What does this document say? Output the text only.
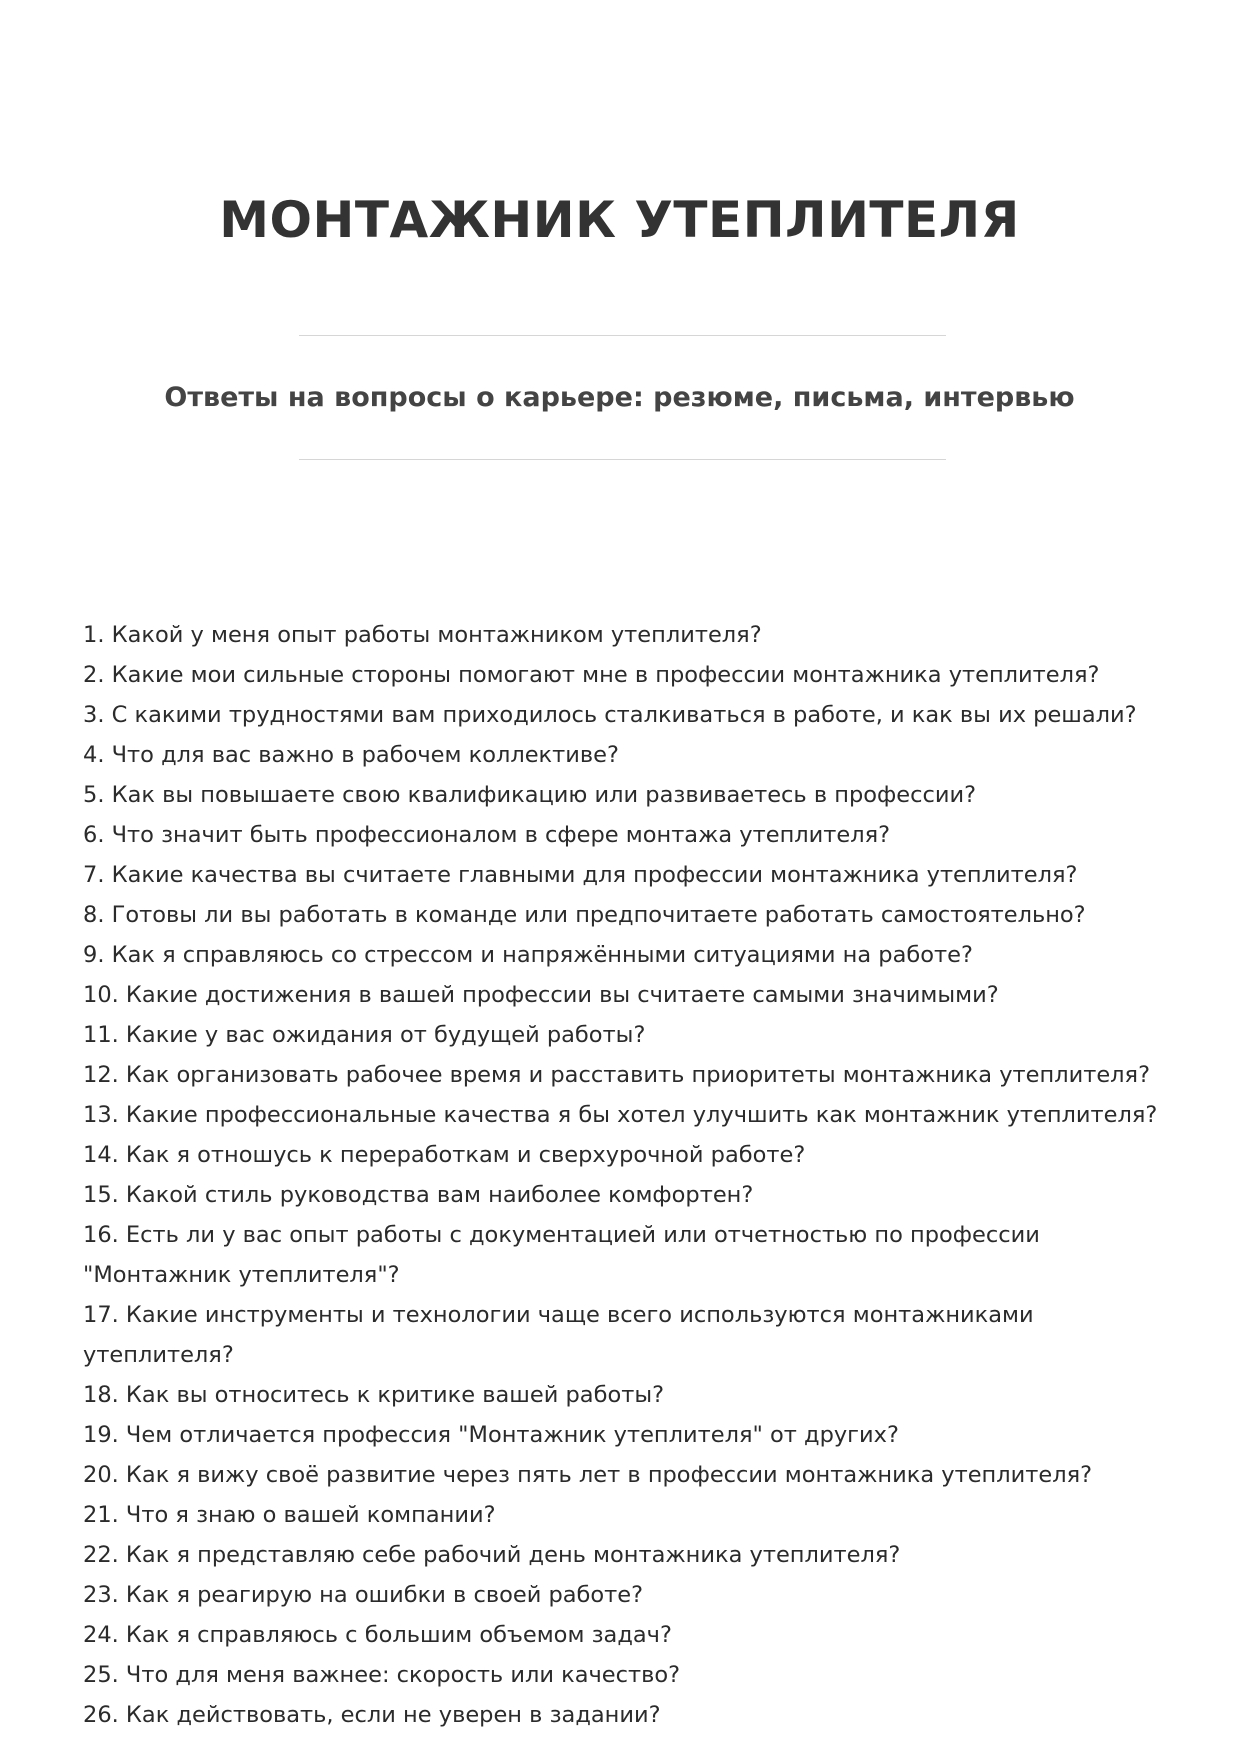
МОНТАЖНИК УТЕПЛИТЕЛЯ
Ответы на вопросы о карьере: резюме, письма, интервью
1. Какой у меня опыт работы монтажником утеплителя?
2. Какие мои сильные стороны помогают мне в профессии монтажника утеплителя?
3. С какими трудностями вам приходилось сталкиваться в работе, и как вы их решали?
4. Что для вас важно в рабочем коллективе?
5. Как вы повышаете свою квалификацию или развиваетесь в профессии?
6. Что значит быть профессионалом в сфере монтажа утеплителя?
7. Какие качества вы считаете главными для профессии монтажника утеплителя?
8. Готовы ли вы работать в команде или предпочитаете работать самостоятельно?
9. Как я справляюсь со стрессом и напряжёнными ситуациями на работе?
10. Какие достижения в вашей профессии вы считаете самыми значимыми?
11. Какие у вас ожидания от будущей работы?
12. Как организовать рабочее время и расставить приоритеты монтажника утеплителя?
13. Какие профессиональные качества я бы хотел улучшить как монтажник утеплителя?
14. Как я отношусь к переработкам и сверхурочной работе?
15. Какой стиль руководства вам наиболее комфортен?
16. Есть ли у вас опыт работы с документацией или отчетностью по профессии "Монтажник утеплителя"?
17. Какие инструменты и технологии чаще всего используются монтажниками утеплителя?
18. Как вы относитесь к критике вашей работы?
19. Чем отличается профессия "Монтажник утеплителя" от других?
20. Как я вижу своё развитие через пять лет в профессии монтажника утеплителя?
21. Что я знаю о вашей компании?
22. Как я представляю себе рабочий день монтажника утеплителя?
23. Как я реагирую на ошибки в своей работе?
24. Как я справляюсь с большим объемом задач?
25. Что для меня важнее: скорость или качество?
26. Как действовать, если не уверен в задании?
